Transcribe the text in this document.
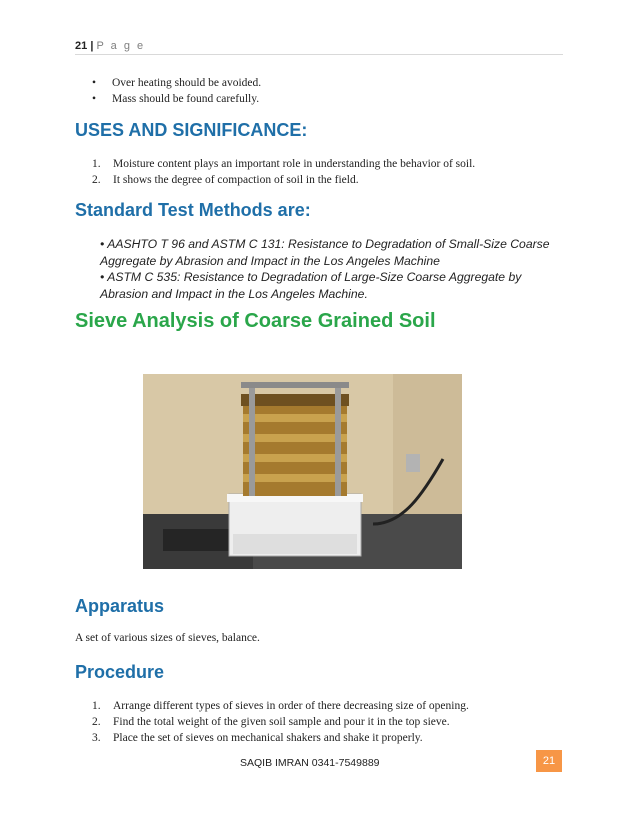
21 | P a g e
• Over heating should be avoided.
• Mass should be found carefully.
USES AND SIGNIFICANCE:
1.	Moisture content plays an important role in understanding the behavior of soil.
2.	It shows the degree of compaction of soil in the field.
Standard Test Methods are:

• AASHTO T 96 and ASTM C 131: Resistance to Degradation of Small-Size Coarse Aggregate by Abrasion and Impact in the Los Angeles Machine

• ASTM C 535: Resistance to Degradation of Large-Size Coarse Aggregate by Abrasion and Impact in the Los Angeles Machine.

Sieve Analysis of Coarse Grained Soil
Apparatus
A set of various sizes of sieves, balance.
Procedure
1.	Arrange different types of sieves in order of there decreasing size of opening.
2.	Find the total weight of the given soil sample and pour it in the top sieve.
3.	Place the set of sieves on mechanical shakers and shake it properly.
SAQIB IMRAN 0341-7549889	21
